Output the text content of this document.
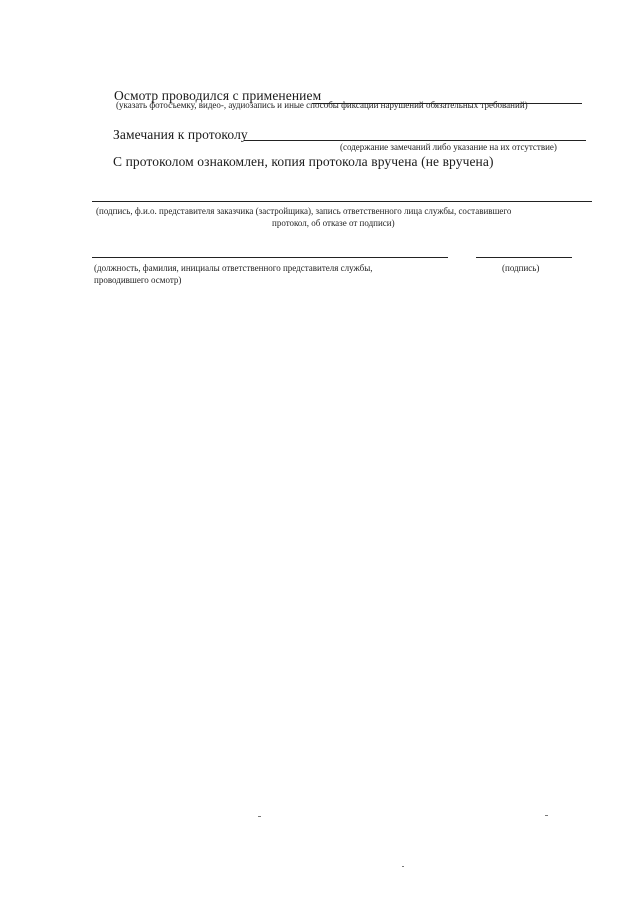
Осмотр проводился с применением
(указать фотосъемку, видео-, аудиозапись и иные способы фиксации нарушений обязательных требований)
Замечания к протоколу
(содержание замечаний либо указание на их отсутствие)
С протоколом ознакомлен, копия протокола вручена (не вручена)
(подпись, ф.и.о. представителя заказчика (застройщика), запись ответственного лица службы, составившего
протокол, об отказе от подписи)
(должность, фамилия, инициалы ответственного представителя службы,
проводившего осмотр)
(подпись)
